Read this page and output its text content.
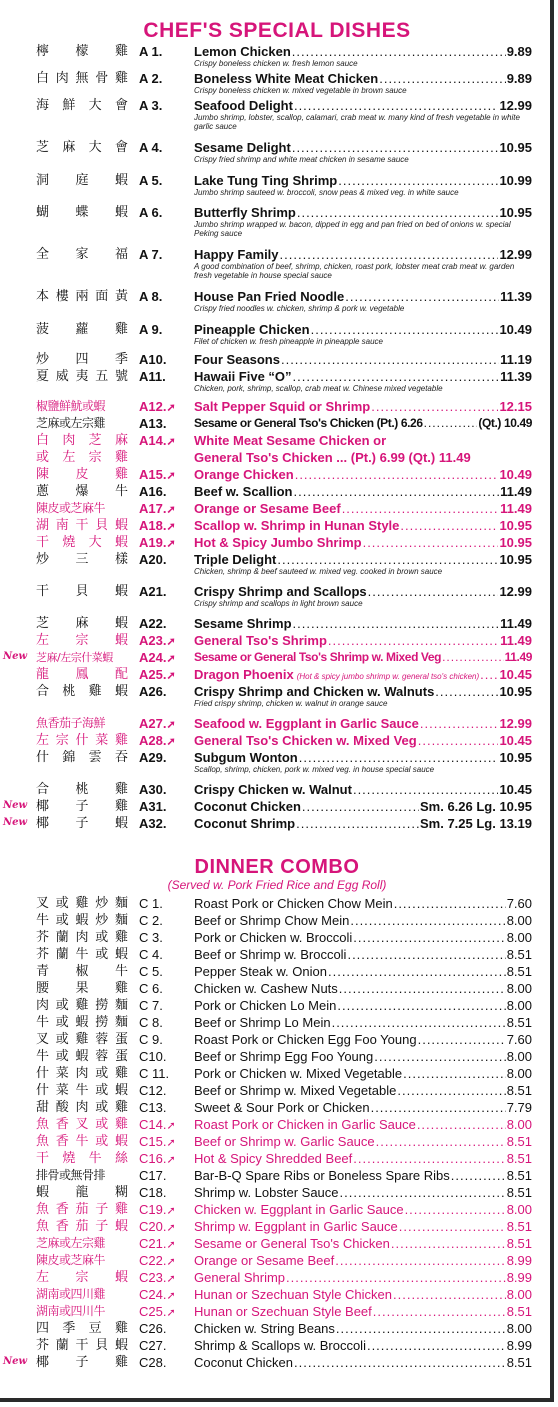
CHEF'S SPECIAL DISHES
檸檬雞 A 1.	Lemon Chicken .....	9.89
Crispy boneless chicken w. fresh lemon sauce
白肉無骨雞 A 2.	Boneless White Meat Chicken .....	9.89
Crispy boneless chicken w. mixed vegetable in brown sauce
海鮮大會 A 3.	Seafood Delight .....	12.99
Jumbo shrimp, lobster, scallop, calamari, crab meat w. many kind of fresh vegetable in white garlic sauce
芝麻大會 A 4.	Sesame Delight .....	10.95
Crispy fried shrimp and white meat chicken in sesame sauce
洞庭蝦 A 5.	Lake Tung Ting Shrimp .....	10.99
Jumbo shrimp sauteed w. broccoli, snow peas & mixed veg. in white sauce
蝴蝶蝦 A 6.	Butterfly Shrimp .....	10.95
Jumbo shrimp wrapped w. bacon, dipped in egg and pan fried on bed of onions w. special Peking sauce
全家福 A 7.	Happy Family .....	12.99
A good combination of beef, shrimp, chicken, roast pork, lobster meat crab meat w. garden fresh vegetable in house special sauce
本樓兩面黃 A 8.	House Pan Fried Noodle .....	11.39
Crispy fried noodles w. chicken, shrimp & pork w. vegetable
菠蘿雞 A 9.	Pineapple Chicken .....	10.49
Filet of chicken w. fresh pineapple in pineapple sauce
炒四季 A10.	Four Seasons .....	11.19
夏威夷五號 A11.	Hawaii Five “O” .....	11.39
Chicken, pork, shrimp, scallop, crab meat w. Chinese mixed vegetable
椒鹽鮮魷或蝦	A12.➚	Salt Pepper Squid or Shrimp .....	12.15
芝麻或左宗雞	A13.	Sesame or General Tso's Chicken (Pt.) 6.26 .....	(Qt.) 10.49
白肉芝麻 A14.➚	White Meat Sesame Chicken or
或左宗雞	General Tso's Chicken ... (Pt.) 6.99 (Qt.) 11.49
陳皮雞 A15.➚	Orange Chicken .....	10.49
蔥爆牛 A16.	Beef w. Scallion .....	11.49
陳皮或芝麻牛	A17.➚	Orange or Sesame Beef .....	11.49
湖南干貝蝦 A18.➚	Scallop w. Shrimp in Hunan Style .....	10.95
干燒大蝦 A19.➚	Hot & Spicy Jumbo Shrimp .....	10.95
炒三樣 A20.	Triple Delight .....	10.95
Chicken, shrimp & beef sauteed w. mixed veg. cooked in brown sauce
干貝蝦 A21.	Crispy Shrimp and Scallops .....	12.99
Crispy shrimp and scallops in light brown sauce
芝麻蝦 A22.	Sesame Shrimp .....	11.49
左宗蝦 A23.➚	General Tso's Shrimp .....	11.49
New 芝麻/左宗什菜蝦	A24.➚	Sesame or General Tso's Shrimp w. Mixed Veg .....	11.49
龍鳳配 A25.➚	Dragon Phoenix (Hot & spicy jumbo shrimp w. general tso's chicken) ..... 10.45
合桃雞蝦 A26.	Crispy Shrimp and Chicken w. Walnuts .....	10.95
Fried crispy shrimp, chicken w. walnut in orange sauce
魚香茄子海鮮	A27.➚	Seafood w. Eggplant in Garlic Sauce .....	12.99
左宗什菜雞 A28.➚	General Tso's Chicken w. Mixed Veg .....	10.45
什錦雲吞 A29.	Subgum Wonton .....	10.95
Scallop, shrimp, chicken, pork w. mixed veg. in house special sauce
合桃雞 A30.	Crispy Chicken w. Walnut .....	10.45
New 椰子雞 A31.	Coconut Chicken .....	Sm. 6.26 Lg. 10.95
New 椰子蝦 A32.	Coconut Shrimp .....	Sm. 7.25 Lg. 13.19
DINNER COMBO
(Served w. Pork Fried Rice and Egg Roll)
叉或雞炒麵 C 1.	Roast Pork or Chicken Chow Mein .....	7.60
牛或蝦炒麵 C 2.	Beef or Shrimp Chow Mein .....	8.00
芥蘭肉或雞 C 3.	Pork or Chicken w. Broccoli .....	8.00
芥蘭牛或蝦 C 4.	Beef or Shrimp w. Broccoli .....	8.51
青椒牛 C 5.	Pepper Steak w. Onion .....	8.51
腰果雞 C 6.	Chicken w. Cashew Nuts .....	8.00
肉或雞撈麵 C 7.	Pork or Chicken Lo Mein .....	8.00
牛或蝦撈麵 C 8.	Beef or Shrimp Lo Mein .....	8.51
叉或雞蓉蛋 C 9.	Roast Pork or Chicken Egg Foo Young .....	7.60
牛或蝦蓉蛋 C10.	Beef or Shrimp Egg Foo Young .....	8.00
什菜肉或雞 C 11.	Pork or Chicken w. Mixed Vegetable .....	8.00
什菜牛或蝦 C12.	Beef or Shrimp w. Mixed Vegetable .....	8.51
甜酸肉或雞 C13.	Sweet & Sour Pork or Chicken .....	7.79
魚香叉或雞 C14.➚	Roast Pork or Chicken in Garlic Sauce .....	8.00
魚香牛或蝦 C15.➚	Beef or Shrimp w. Garlic Sauce .....	8.51
干燒牛絲 C16.➚	Hot & Spicy Shredded Beef .....	8.51
排骨或無骨排	C17.	Bar-B-Q Spare Ribs or Boneless Spare Ribs .....	8.51
蝦龍糊 C18.	Shrimp w. Lobster Sauce .....	8.51
魚香茄子雞 C19.➚	Chicken w. Eggplant in Garlic Sauce .....	8.00
魚香茄子蝦 C20.➚	Shrimp w. Eggplant in Garlic Sauce .....	8.51
芝麻或左宗雞	C21.➚	Sesame or General Tso's Chicken .....	8.51
陳皮或芝麻牛	C22.➚	Orange or Sesame Beef .....	8.99
左宗蝦 C23.➚	General Shrimp .....	8.99
湖南或四川雞	C24.➚	Hunan or Szechuan Style Chicken .....	8.00
湖南或四川牛	C25.➚	Hunan or Szechuan Style Beef .....	8.51
四季豆雞 C26.	Chicken w. String Beans .....	8.00
芥蘭干貝蝦 C27.	Shrimp & Scallops w. Broccoli .....	8.99
New 椰子雞 C28.	Coconut Chicken .....	8.51
